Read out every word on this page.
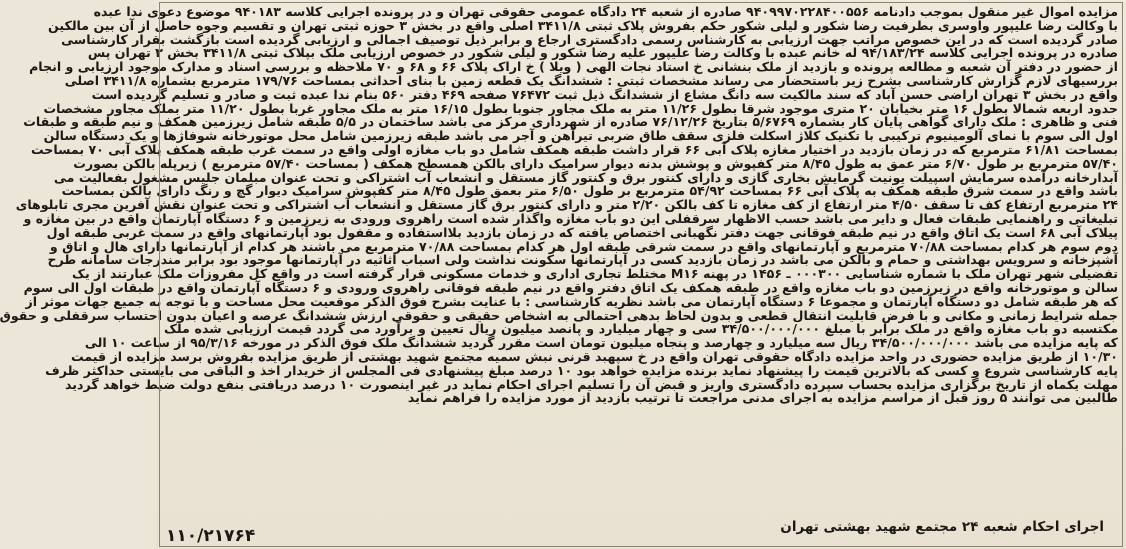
مزایده اموال غیر منقول بموجب دادنامه ۹۴۰۹۹۷۰۲۲۸۴۰۰۵۵۶ صادره از شعبه ۲۴ دادگاه عمومی حقوقی تهران و در پرونده اجرایی کلاسه ۹۴۰۱۸۳ موضوع دعوی ندا عبده
با وکالت رضا علیپور واوسری بطرفیت رضا شکور و لیلی شکور حکم بفروش پلاک ثبتی ۳۴۱۱/۸ اصلی واقع در بخش ۳ حوزه ثبتی تهران و تقسیم وجوه حاصل از آن بین مالکین
صادر گردیده است که در این خصوص مراتب جهت ارزیابی به کارشناس رسمی دادگستری ارجاع و برابر ذیل توصیف اجمالی و ارزیابی گردیده است بازگشت بقرار کارشناسی
صادره در پرونده اجرایی کلاسه ۹۴/۱۸۳/۲۴ له خانم عبده با وکالت رضا علیپور علیه رضا شکور و لیلی شکور در خصوص ارزیابی ملک بپلاک ثبتی ۳۴۱۱/۸ بخش ۳ تهران پس
از حضور در دفتر آن شعبه و مطالعه پرونده و بازدید از ملک بنشانی خ استاد نجات الهی ( ویلا ) خ اراک پلاک ۶۶ و ۶۸ و ۷۰ ملاحظه و بررسی اسناد و مدارک موجود ارزیابی و انجام
بررسیهای لازم گزارش کارشناسی بشرح زیر باستحضار می رساند مشخصات ثبتی : ششدانگ یک قطعه زمین با بنای احداثی بمساحت ۱۷۹/۷۶ مترمربع بشماره ۳۴۱۱/۸ اصلی
واقع در بخش ۳ تهران اراضی حسن آباد که سند مالکیت سه دانگ مشاع از ششدانگ ذیل ثبت ۷۶۴۷۲ صفحه ۴۶۹ دفتر ۵۶۰ بنام ندا عبده ثبت و صادر و تسلیم گردیده است
حدود اربعه شمالا بطول ۱۶ متر بخیابان ۲۰ متری موجود شرقا بطول ۱۱/۲۶ متر به ملک مجاور جنوبا بطول ۱۶/۱۵ متر به ملک مجاور غربا بطول ۱۱/۲۰ متر بملک مجاور مشخصات
فنی و ظاهری : ملک دارای گواهی پایان کار بشماره ۵/۶۷۶۹ بتاریخ ۷۶/۱۲/۲۶ صادره از شهرداری مرکز می باشد ساختمان در ۵/۵ طبقه شامل زیرزمین همکف و نیم طبقه و طبقات
اول الی سوم با نمای آلومینیوم ترکیبی با تکنیک کلاژ اسکلت فلزی سقف طاق ضربی تیرآهن و آجر می باشد طبقه زیرزمین شامل محل موتورخانه شوفاژها و یک دستگاه سالن
بمساحت ۶۱/۸۱ مترمربع که در زمان بازدید در اختیار مغازه پلاک آبی ۶۶ قرار داشت طبقه همکف شامل دو باب مغازه اولی واقع در سمت غرب طبقه همکف پلاک آبی ۷۰ بمساحت
۵۷/۴۰ مترمربع بر طول ۶/۷۰ متر عمق به طول ۸/۴۵ متر کفپوش و پوشش بدنه دیوار سرامیک دارای بالکن همسطح همکف ( بمساحت ۵۷/۴۰ مترمربع ) زیرپله بالکن بصورت
آبدارخانه درآمده سرمایش اسپیلت یونیت گرمایش بخاری گازی و دارای کنتور برق و کنتور گاز مستقل و انشعاب آب اشتراکی و تحت عنوان مبلمان جلیس مشغول بفعالیت می
باشد واقع در سمت شرق طبقه همکف به پلاک آبی ۶۶ بمساحت ۵۴/۹۲ مترمربع بر طول ۶/۵۰ متر بعمق طول ۸/۴۵ متر کفپوش سرامیک دیوار گچ و رنگ دارای بالکن بمساحت
۲۴ مترمربع ارتفاع کف تا سقف ۴/۵۰ متر ارتفاع از کف مغازه تا کف بالکن ۲/۲۰ متر و دارای کنتور برق گاز مستقل و انشعاب آب اشتراکی و تحت عنوان نقش آفرین مجری تابلوهای
تبلیغاتی و راهنمایی طبقات فعال و دایر می باشد حسب الاظهار سرقفلی این دو باب مغازه واگذار شده است راهروی ورودی به زیرزمین و ۶ دستگاه آپارتمان واقع در بین مغازه و
پیلاک آبی ۶۸ است یک اتاق واقع در نیم طبقه فوقانی جهت دفتر نگهبانی اختصاص یافته که در زمان بازدید بلااستفاده و مقفول بود آپارتمانهای واقع در سمت غربی طبقه اول
دوم سوم هر کدام بمساحت ۷۰/۸۸ مترمربع و آپارتمانهای واقع در سمت شرقی طبقه اول هر کدام بمساحت ۷۰/۸۸ مترمربع می باشند هر کدام از آپارتمانها دارای هال و اتاق و
آشپزخانه و سرویس بهداشتی و حمام و بالکن می باشد در زمان بازدید کسی در آپارتمانها سکونت نداشت ولی اسباب اثاثیه در آپارتمانها موجود بود برابر مندرجات سامانه طرح
تفضیلی شهر تهران ملک با شماره شناسایی ۰۰۰۳۰۰ ـ ۱۴۵۶ در پهنه M۱۶ مختلط تجاری اداری و خدمات مسکونی قرار گرفته است در واقع کل مفروزات ملک عبارتند از یک
سالن و موتورخانه واقع در زیرزمین دو باب مغازه واقع در طبقه همکف یک اتاق دفتر واقع در نیم طبقه فوقانی راهروی ورودی و ۶ دستگاه آپارتمان واقع در طبقات اول الی سوم
که هر طبقه شامل دو دستگاه آپارتمان و مجموعا ۶ دستگاه آپارتمان می باشد نظریه کارشناسی : با عنایت بشرح فوق الذکر موقعیت محل مساحت و با توجه به جمیع جهات موثر از
جمله شرایط زمانی و مکانی و با فرض قابلیت انتقال قطعی و بدون لحاظ بدهی احتمالی به اشخاص حقیقی و حقوقی ارزش ششدانگ عرصه و اعیان بدون احتساب سرقفلی و حقوق
مکتسبه دو باب مغازه واقع در ملک برابر با مبلغ ۳۴/۵۰۰/۰۰۰/۰۰۰ سی و چهار میلیارد و پانصد میلیون ریال تعیین و برآورد می گردد قیمت ارزیابی شده ملک
که پایه مزایده می باشد ۳۴/۵۰۰/۰۰۰/۰۰۰ ریال سه میلیارد و چهارصد و پنجاه میلیون تومان است مقرر گردید ششدانگ ملک فوق الذکر در مورخه ۹۵/۳/۱۶ از ساعت ۱۰ الی
۱۰/۳۰ از طریق مزایده حضوری در واحد مزایده دادگاه حقوقی تهران واقع در خ سپهبد قرنی نبش سمیه مجتمع شهید بهشتی از طریق مزایده بفروش برسد مزایده از قیمت
پایه کارشناسی شروع و کسی که بالاترین قیمت را پیشنهاد نماید برنده مزایده خواهد بود ۱۰ درصد مبلغ پیشنهادی فی المجلس از خریدار اخذ و الباقی می بایستی حداکثر ظرف
مهلت یکماه از تاریخ برگزاری مزایده بحساب سپرده دادگستری واریز و قبض آن را تسلیم اجرای احکام نماید در غیر اینصورت ۱۰ درصد دریافتی بنفع دولت ضبط خواهد گردید
طالبین می توانند ۵ روز قبل از مراسم مزایده به اجرای مدنی مراجعت تا ترتیب بازدید از مورد مزایده را فراهم نماید
اجرای احکام شعبه ۲۴ مجتمع شهید بهشتی تهران
۱۱۰/۲۱۷۶۴
